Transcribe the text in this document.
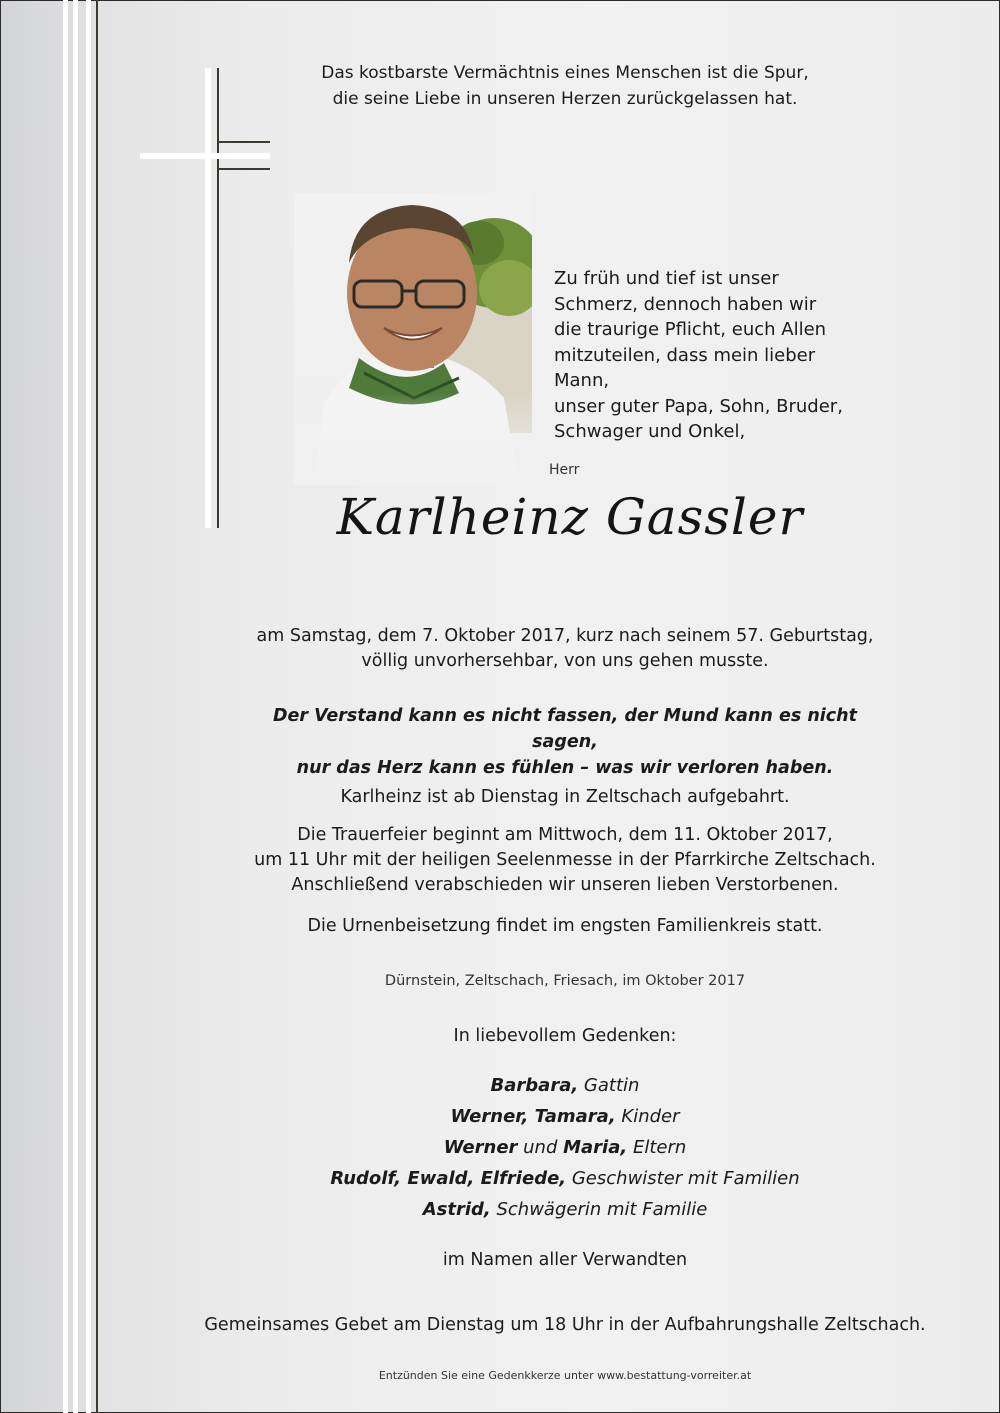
Das kostbarste Vermächtnis eines Menschen ist die Spur,
die seine Liebe in unseren Herzen zurückgelassen hat.
Zu früh und tief ist unser
Schmerz, dennoch haben wir
die traurige Pflicht, euch Allen
mitzuteilen, dass mein lieber Mann,
unser guter Papa, Sohn, Bruder,
Schwager und Onkel,
Herr
Karlheinz Gassler
am Samstag, dem 7. Oktober 2017, kurz nach seinem 57. Geburtstag,
völlig unvorhersehbar, von uns gehen musste.
Der Verstand kann es nicht fassen, der Mund kann es nicht sagen,
nur das Herz kann es fühlen – was wir verloren haben.
Karlheinz ist ab Dienstag in Zeltschach aufgebahrt.
Die Trauerfeier beginnt am Mittwoch, dem 11. Oktober 2017,
um 11 Uhr mit der heiligen Seelenmesse in der Pfarrkirche Zeltschach.
Anschließend verabschieden wir unseren lieben Verstorbenen.
Die Urnenbeisetzung findet im engsten Familienkreis statt.
Dürnstein, Zeltschach, Friesach, im Oktober 2017
In liebevollem Gedenken:
Barbara, Gattin
Werner, Tamara, Kinder
Werner und Maria, Eltern
Rudolf, Ewald, Elfriede, Geschwister mit Familien
Astrid, Schwägerin mit Familie
im Namen aller Verwandten
Gemeinsames Gebet am Dienstag um 18 Uhr in der Aufbahrungshalle Zeltschach.
Entzünden Sie eine Gedenkkerze unter www.bestattung-vorreiter.at
